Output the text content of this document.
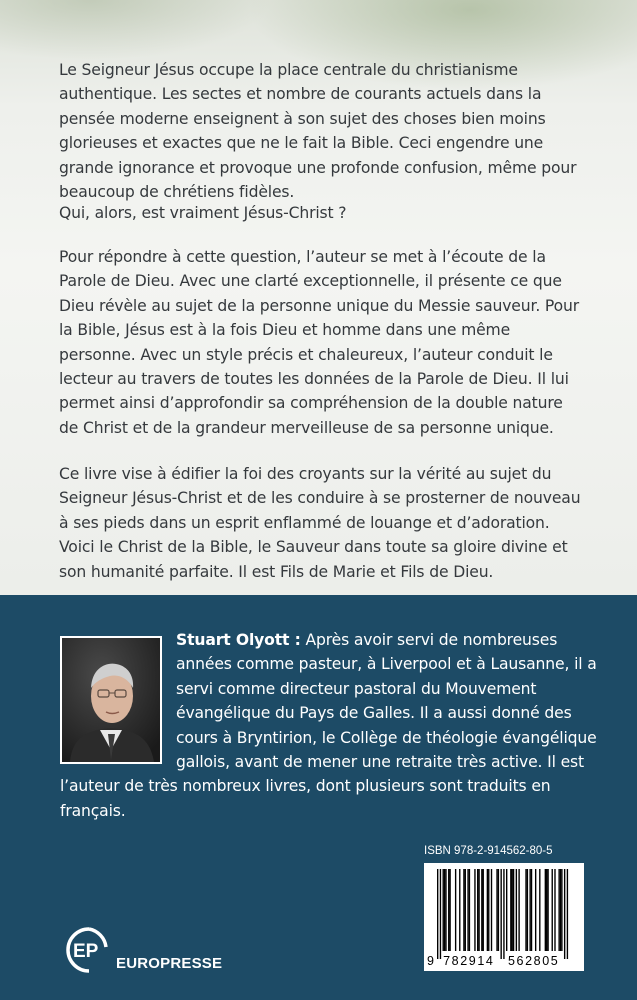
Le Seigneur Jésus occupe la place centrale du christianisme authentique. Les sectes et nombre de courants actuels dans la pensée moderne enseignent à son sujet des choses bien moins glorieuses et exactes que ne le fait la Bible. Ceci engendre une grande ignorance et provoque une profonde confusion, même pour beaucoup de chrétiens fidèles.

Qui, alors, est vraiment Jésus-Christ ?

Pour répondre à cette question, l’auteur se met à l’écoute de la Parole de Dieu. Avec une clarté exceptionnelle, il présente ce que Dieu révèle au sujet de la personne unique du Messie sauveur. Pour la Bible, Jésus est à la fois Dieu et homme dans une même personne. Avec un style précis et chaleureux, l’auteur conduit le lecteur au travers de toutes les données de la Parole de Dieu. Il lui permet ainsi d’approfondir sa compréhension de la double nature de Christ et de la grandeur merveilleuse de sa personne unique.

Ce livre vise à édifier la foi des croyants sur la vérité au sujet du Seigneur Jésus-Christ et de les conduire à se prosterner de nouveau à ses pieds dans un esprit enflammé de louange et d’adoration. Voici le Christ de la Bible, le Sauveur dans toute sa gloire divine et son humanité parfaite. Il est Fils de Marie et Fils de Dieu.

Stuart Olyott : Après avoir servi de nombreuses années comme pasteur, à Liverpool et à Lausanne, il a servi comme directeur pastoral du Mouvement évangélique du Pays de Galles. Il a aussi donné des cours à Bryntirion, le Collège de théologie évangélique gallois, avant de mener une retraite très active. Il est l’auteur de très nombreux livres, dont plusieurs sont traduits en français.

ISBN 978-2-914562-80-5
9 782914 562805
EP
EUROPRESSE
